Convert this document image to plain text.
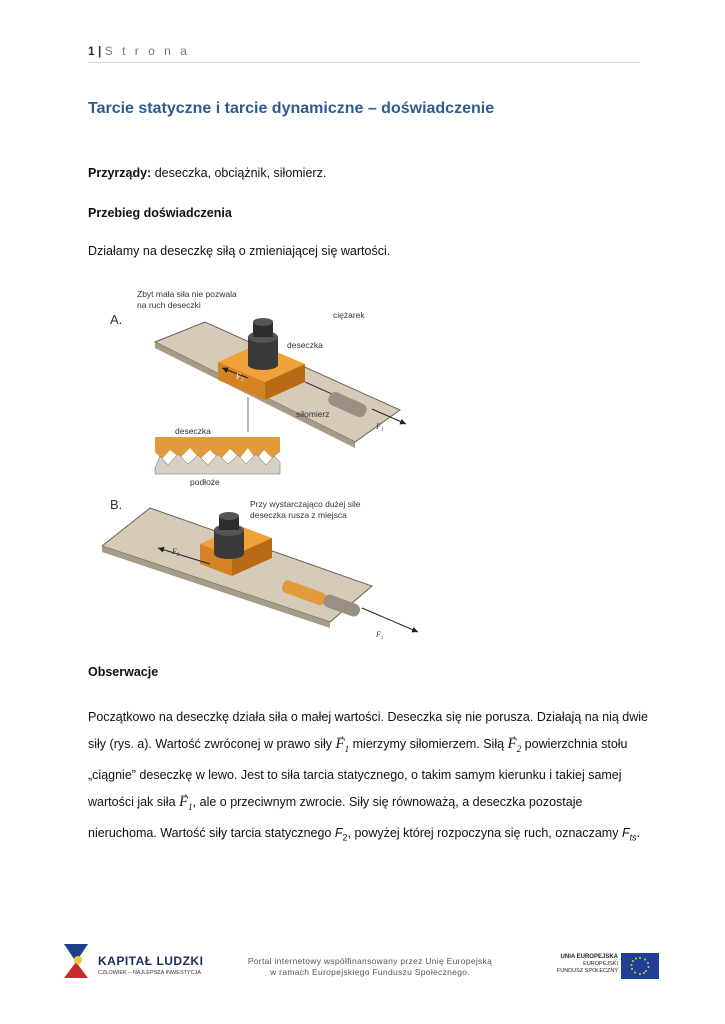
1 | S t r o n a
Tarcie statyczne i tarcie dynamiczne – doświadczenie

Przyrządy: deseczka, obciążnik, siłomierz.

Przebieg doświadczenia

Działamy na deseczkę siłą o zmieniającej się wartości.

A.
Zbyt mała siła nie pozwala
na ruch deseczki
ciężarek
deseczka
siłomierz
$F_2$
$F_1$
deseczka
podłoże
B.	Przy wystarczająco dużej sile
deseczka rusza z miejsca
$F_2$
$F_1$

Obserwacje

Początkowo na deseczkę działa siła o małej wartości. Deseczka się nie porusza. Działają na nią dwie siły (rys. a). Wartość zwróconej w prawo siły → $F_1$ mierzymy siłomierzem. Siłą → $F_2$ powierzchnia stołu „ciągnie” deseczkę w lewo. Jest to siła tarcia statycznego, o takim samym kierunku i takiej samej wartości jak siła → $F_1$, ale o przeciwnym zwrocie. Siły się równoważą, a deseczka pozostaje nieruchoma. Wartość siły tarcia statycznego $F_2$, powyżej której rozpoczyna się ruch, oznaczamy $F_{ts}$.

KAPITAŁ LUDZKI
CZŁOWIEK – NAJLEPSZA INWESTYCJA
Portal internetowy współfinansowany przez Unię Europejską
w ramach Europejskiego Funduszu Społecznego.
UNIA EUROPEJSKA
EUROPEJSKI
FUNDUSZ SPOŁECZNY
